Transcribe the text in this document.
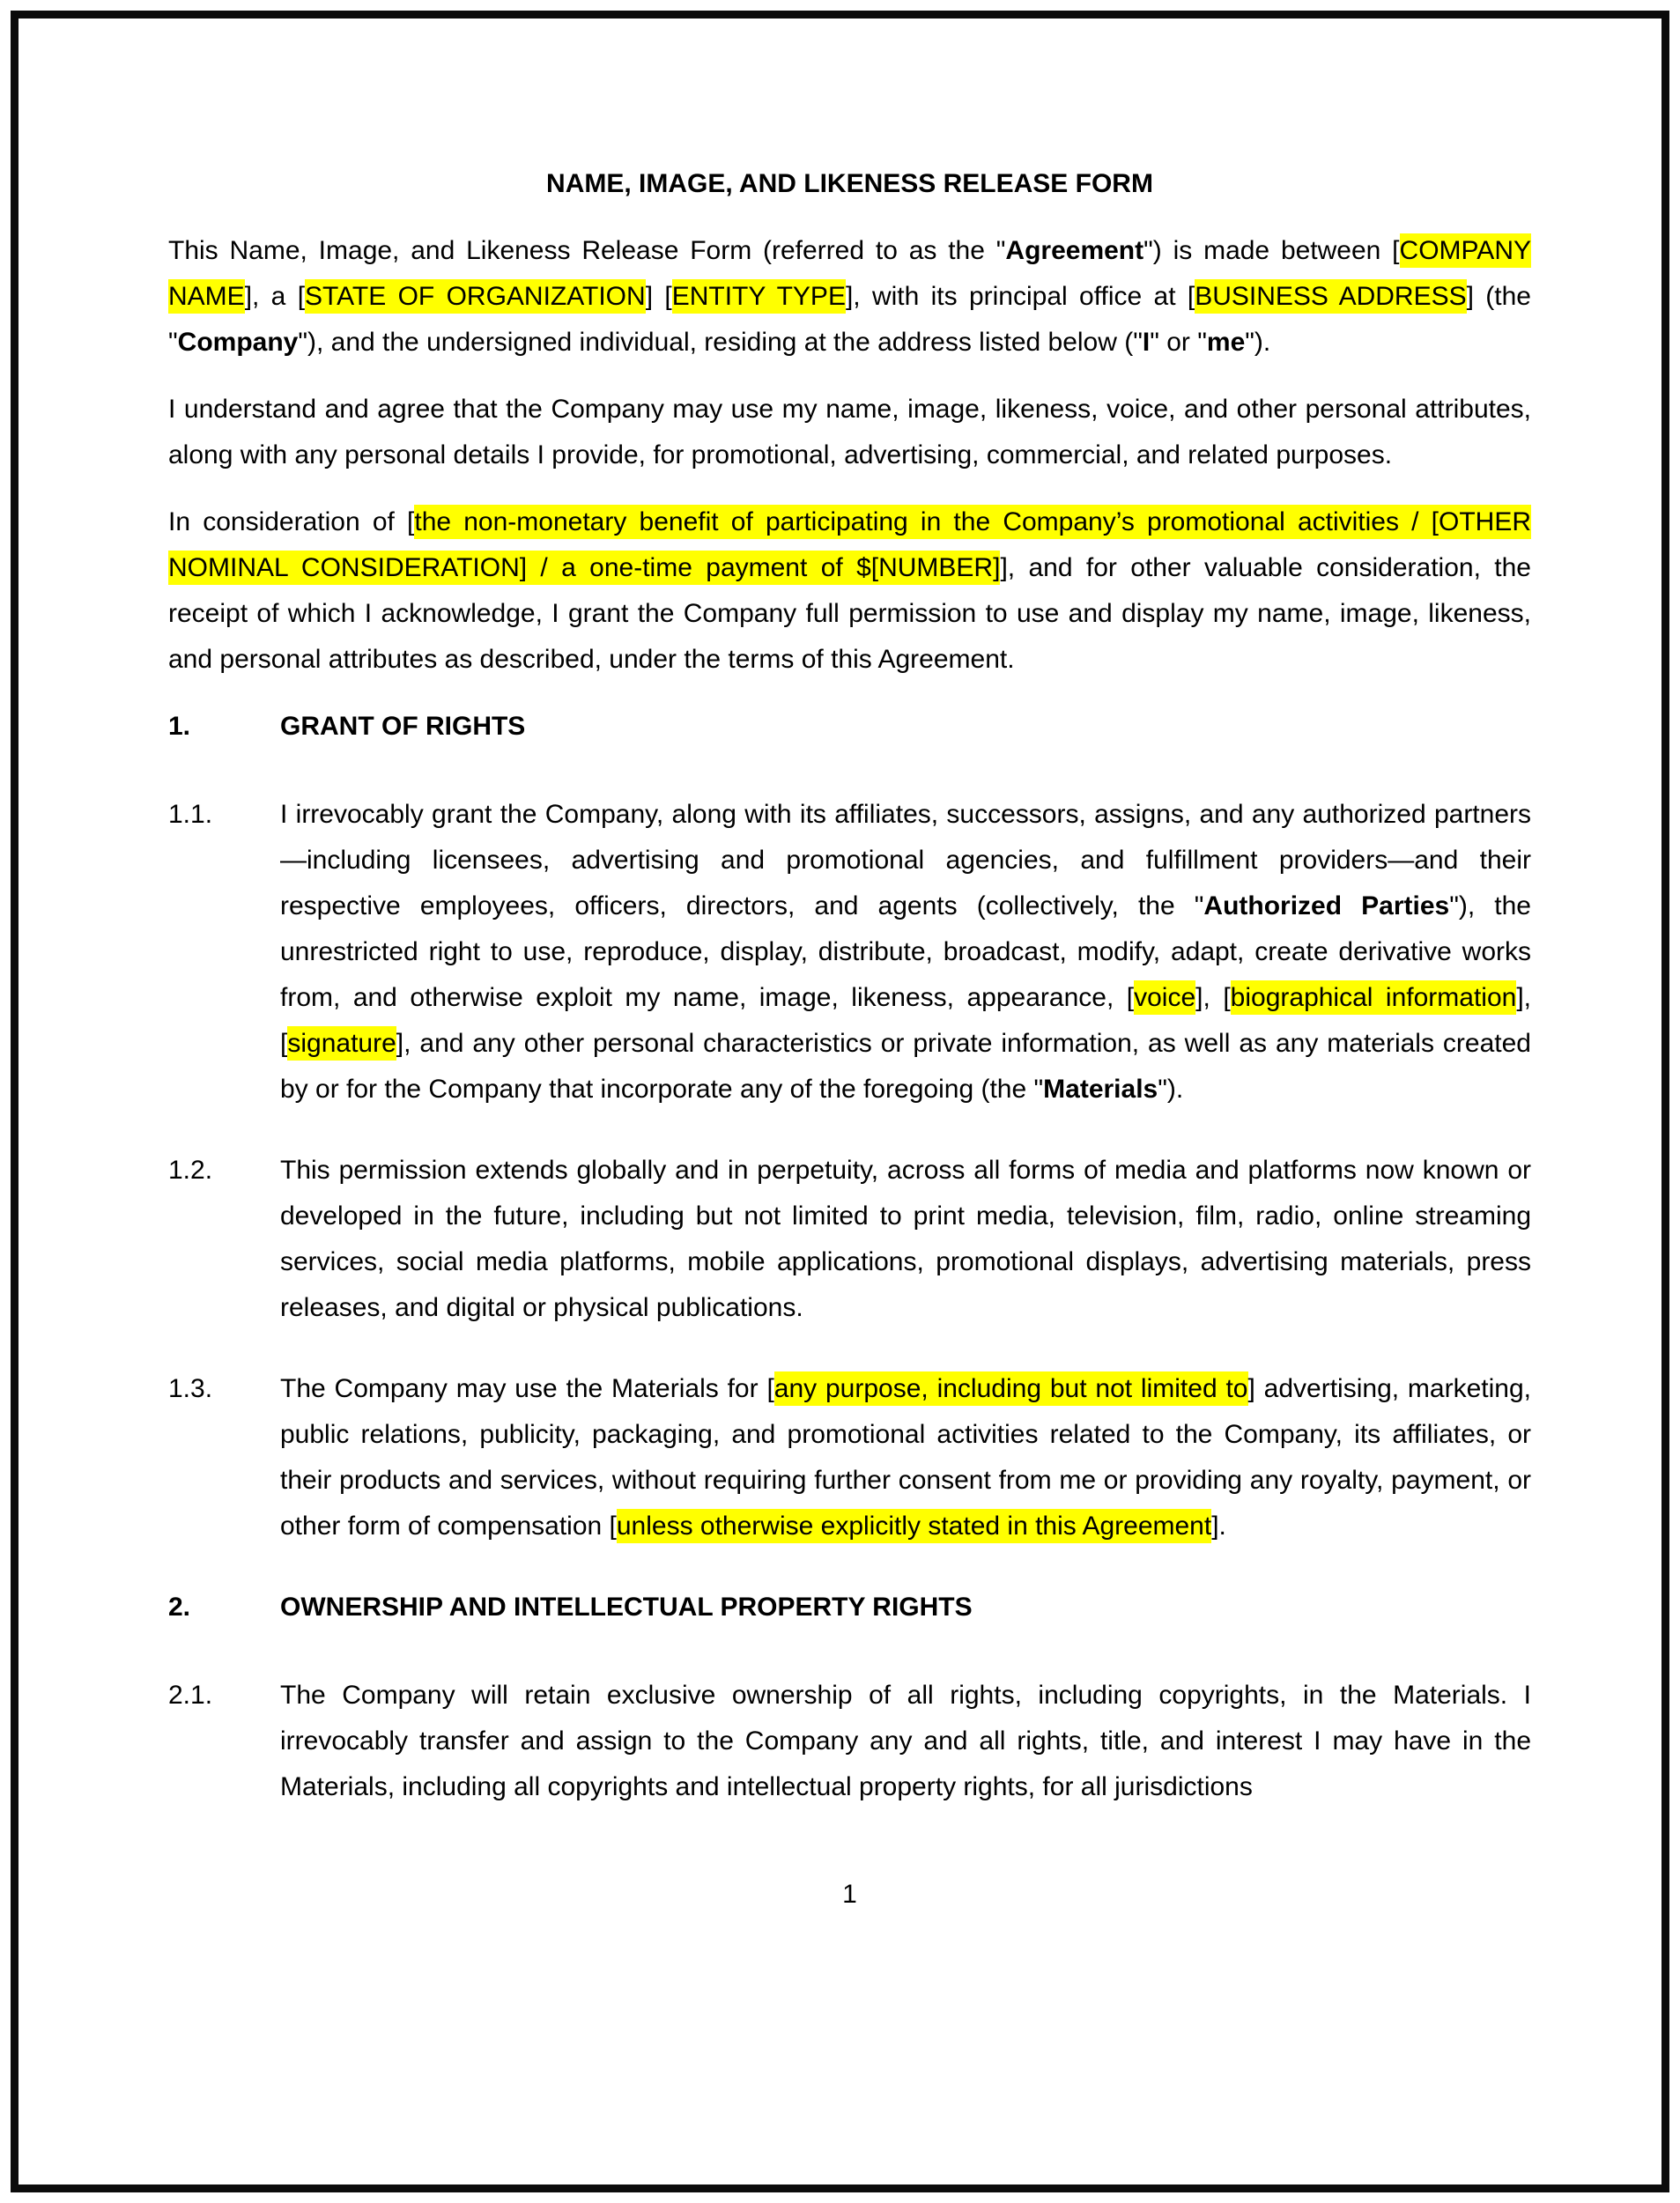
NAME, IMAGE, AND LIKENESS RELEASE FORM

This Name, Image, and Likeness Release Form (referred to as the "Agreement") is made between [COMPANY NAME], a [STATE OF ORGANIZATION] [ENTITY TYPE], with its principal office at [BUSINESS ADDRESS] (the "Company"), and the undersigned individual, residing at the address listed below ("I" or "me").

I understand and agree that the Company may use my name, image, likeness, voice, and other personal attributes, along with any personal details I provide, for promotional, advertising, commercial, and related purposes.

In consideration of [the non-monetary benefit of participating in the Company’s promotional activities / [OTHER NOMINAL CONSIDERATION] / a one-time payment of $[NUMBER]], and for other valuable consideration, the receipt of which I acknowledge, I grant the Company full permission to use and display my name, image, likeness, and personal attributes as described, under the terms of this Agreement.

1.	GRANT OF RIGHTS
1.1.	I irrevocably grant the Company, along with its affiliates, successors, assigns, and any authorized partners—including licensees, advertising and promotional agencies, and fulfillment providers—and their respective employees, officers, directors, and agents (collectively, the "Authorized Parties"), the unrestricted right to use, reproduce, display, distribute, broadcast, modify, adapt, create derivative works from, and otherwise exploit my name, image, likeness, appearance, [voice], [biographical information], [signature], and any other personal characteristics or private information, as well as any materials created by or for the Company that incorporate any of the foregoing (the "Materials").
1.2.	This permission extends globally and in perpetuity, across all forms of media and platforms now known or developed in the future, including but not limited to print media, television, film, radio, online streaming services, social media platforms, mobile applications, promotional displays, advertising materials, press releases, and digital or physical publications.
1.3.	The Company may use the Materials for [any purpose, including but not limited to] advertising, marketing, public relations, publicity, packaging, and promotional activities related to the Company, its affiliates, or their products and services, without requiring further consent from me or providing any royalty, payment, or other form of compensation [unless otherwise explicitly stated in this Agreement].
2.	OWNERSHIP AND INTELLECTUAL PROPERTY RIGHTS
2.1.	The Company will retain exclusive ownership of all rights, including copyrights, in the Materials. I irrevocably transfer and assign to the Company any and all rights, title, and interest I may have in the Materials, including all copyrights and intellectual property rights, for all jurisdictions
1
